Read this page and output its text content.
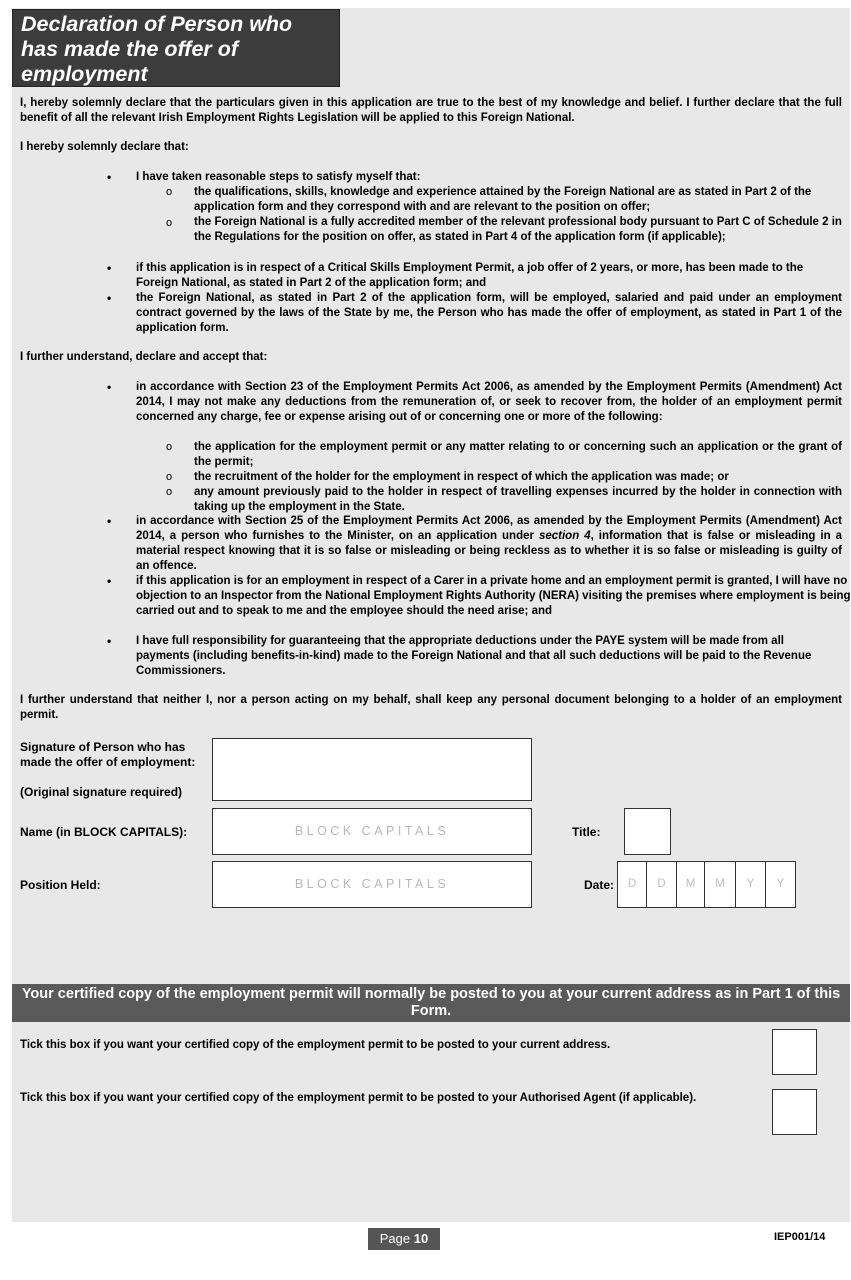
Declaration of Person who has made the offer of employment
I, hereby solemnly declare that the particulars given in this application are true to the best of my knowledge and belief. I further declare that the full benefit of all the relevant Irish Employment Rights Legislation will be applied to this Foreign National.
I hereby solemnly declare that:
• I have taken reasonable steps to satisfy myself that:
o the qualifications, skills, knowledge and experience attained by the Foreign National are as stated in Part 2 of the application form and they correspond with and are relevant to the position on offer;
o the Foreign National is a fully accredited member of the relevant professional body pursuant to Part C of Schedule 2 in the Regulations for the position on offer, as stated in Part 4 of the application form (if applicable);
• if this application is in respect of a Critical Skills Employment Permit, a job offer of 2 years, or more, has been made to the Foreign National, as stated in Part 2 of the application form; and
• the Foreign National, as stated in Part 2 of the application form, will be employed, salaried and paid under an employment contract governed by the laws of the State by me, the Person who has made the offer of employment, as stated in Part 1 of the application form.
I further understand, declare and accept that:
• in accordance with Section 23 of the Employment Permits Act 2006, as amended by the Employment Permits (Amendment) Act 2014, I may not make any deductions from the remuneration of, or seek to recover from, the holder of an employment permit concerned any charge, fee or expense arising out of or concerning one or more of the following:
o the application for the employment permit or any matter relating to or concerning such an application or the grant of the permit;
o the recruitment of the holder for the employment in respect of which the application was made; or
o any amount previously paid to the holder in respect of travelling expenses incurred by the holder in connection with taking up the employment in the State.
• in accordance with Section 25 of the Employment Permits Act 2006, as amended by the Employment Permits (Amendment) Act 2014, a person who furnishes to the Minister, on an application under section 4, information that is false or misleading in a material respect knowing that it is so false or misleading or being reckless as to whether it is so false or misleading is guilty of an offence.
• if this application is for an employment in respect of a Carer in a private home and an employment permit is granted, I will have no objection to an Inspector from the National Employment Rights Authority (NERA) visiting the premises where employment is being carried out and to speak to me and the employee should the need arise; and
• I have full responsibility for guaranteeing that the appropriate deductions under the PAYE system will be made from all payments (including benefits-in-kind) made to the Foreign National and that all such deductions will be paid to the Revenue Commissioners.
I further understand that neither I, nor a person acting on my behalf, shall keep any personal document belonging to a holder of an employment permit.
Signature of Person who has made the offer of employment:
(Original signature required)
Name (in BLOCK CAPITALS):	BLOCK CAPITALS	Title:
Position Held:	BLOCK CAPITALS	Date:	D	D	M	M	Y	Y
Your certified copy of the employment permit will normally be posted to you at your current address as in Part 1 of this Form.
Tick this box if you want your certified copy of the employment permit to be posted to your current address.
Tick this box if you want your certified copy of the employment permit to be posted to your Authorised Agent (if applicable).
Page 10	IEP001/14
